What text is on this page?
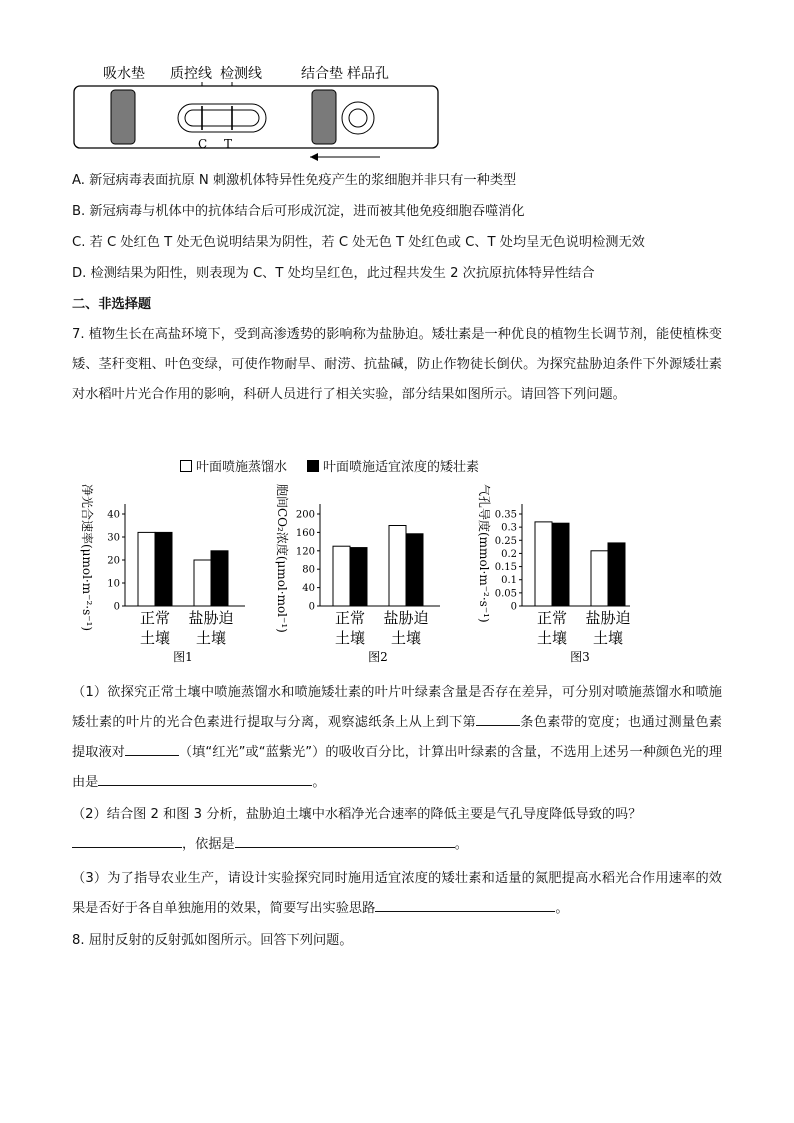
吸水垫 质控线 检测线	结合垫 样品孔
C T
A. 新冠病毒表面抗原 N 刺激机体特异性免疫产生的浆细胞并非只有一种类型
B. 新冠病毒与机体中的抗体结合后可形成沉淀，进而被其他免疫细胞吞噬消化
C. 若 C 处红色 T 处无色说明结果为阴性，若 C 处无色 T 处红色或 C、T 处均呈无色说明检测无效
D. 检测结果为阳性，则表现为 C、T 处均呈红色，此过程共发生 2 次抗原抗体特异性结合
二、非选择题
7. 植物生长在高盐环境下，受到高渗透势的影响称为盐胁迫。矮壮素是一种优良的植物生长调节剂，能使植株变矮、茎秆变粗、叶色变绿，可使作物耐旱、耐涝、抗盐碱，防止作物徒长倒伏。为探究盐胁迫条件下外源矮壮素对水稻叶片光合作用的影响，科研人员进行了相关实验，部分结果如图所示。请回答下列问题。
叶面喷施蒸馏水	叶面喷施适宜浓度的矮壮素
净光合速率(μmol·m⁻²·s⁻¹) 0
10
20
30
40
正常
土壤
盐胁迫
土壤
图1
胞间CO₂浓度(μmol·mol⁻¹) 0
40
80
120
160
200
正常
土壤
盐胁迫
土壤
图2
气孔导度(mmol·m⁻²·s⁻¹) 0
0.05
0.1
0.15
0.2
0.25
0.3
0.35
正常
土壤
盐胁迫
土壤
图3
（1）欲探究正常土壤中喷施蒸馏水和喷施矮壮素的叶片叶绿素含量是否存在差异，可分别对喷施蒸馏水和喷施矮壮素的叶片的光合色素进行提取与分离，观察滤纸条上从上到下第	条色素带的宽度；也通过测量色素提取液对	（填“红光”或“蓝紫光”）的吸收百分比，计算出叶绿素的含量，不选用上述另一种颜色光的理由是	。
（2）结合图 2 和图 3 分析，盐胁迫土壤中水稻净光合速率的降低主要是气孔导度降低导致的吗？
，依据是	。
（3）为了指导农业生产，请设计实验探究同时施用适宜浓度的矮壮素和适量的氮肥提高水稻光合作用速率的效果是否好于各自单独施用的效果，简要写出实验思路	。
8. 屈肘反射的反射弧如图所示。回答下列问题。
